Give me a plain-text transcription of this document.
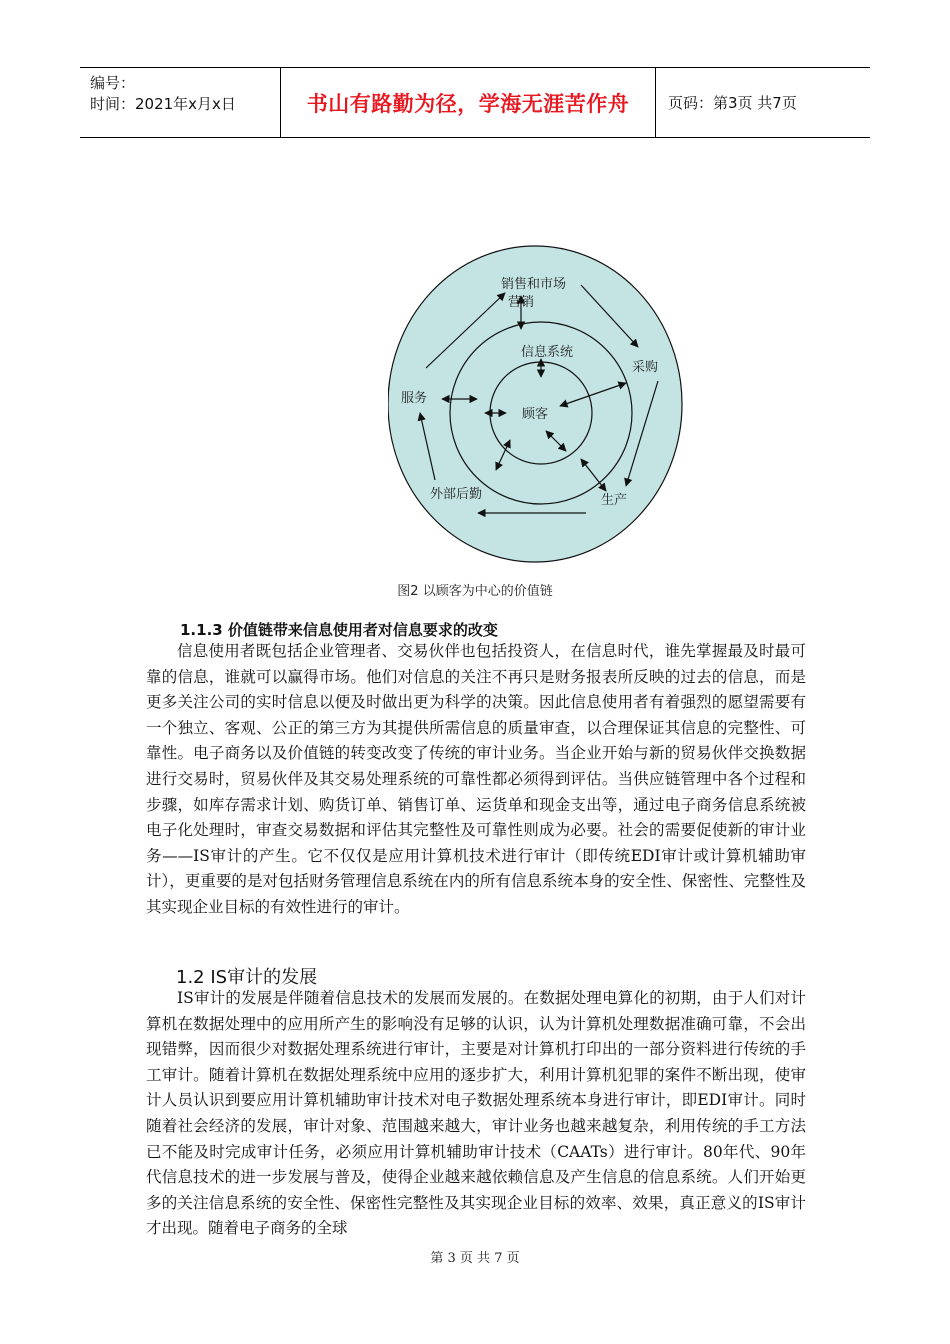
编号：
时间：2021年x月x日	书山有路勤为径，学海无涯苦作舟	页码：第3页 共7页
销售和市场
营销
信息系统
采购
服务
顾客
外部后勤	生产
图2 以顾客为中心的价值链
1.1.3 价值链带来信息使用者对信息要求的改变

信息使用者既包括企业管理者、交易伙伴也包括投资人，在信息时代，谁先掌握最及时最可靠的信息，谁就可以赢得市场。他们对信息的关注不再只是财务报表所反映的过去的信息，而是更多关注公司的实时信息以便及时做出更为科学的决策。因此信息使用者有着强烈的愿望需要有一个独立、客观、公正的第三方为其提供所需信息的质量审查，以合理保证其信息的完整性、可靠性。电子商务以及价值链的转变改变了传统的审计业务。当企业开始与新的贸易伙伴交换数据进行交易时，贸易伙伴及其交易处理系统的可靠性都必须得到评估。当供应链管理中各个过程和步骤，如库存需求计划、购货订单、销售订单、运货单和现金支出等，通过电子商务信息系统被电子化处理时，审查交易数据和评估其完整性及可靠性则成为必要。社会的需要促使新的审计业务——IS审计的产生。它不仅仅是应用计算机技术进行审计（即传统EDI审计或计算机辅助审计），更重要的是对包括财务管理信息系统在内的所有信息系统本身的安全性、保密性、完整性及其实现企业目标的有效性进行的审计。

1.2 IS审计的发展

IS审计的发展是伴随着信息技术的发展而发展的。在数据处理电算化的初期，由于人们对计算机在数据处理中的应用所产生的影响没有足够的认识，认为计算机处理数据准确可靠，不会出现错弊，因而很少对数据处理系统进行审计，主要是对计算机打印出的一部分资料进行传统的手工审计。随着计算机在数据处理系统中应用的逐步扩大，利用计算机犯罪的案件不断出现，使审计人员认识到要应用计算机辅助审计技术对电子数据处理系统本身进行审计，即EDI审计。同时随着社会经济的发展，审计对象、范围越来越大，审计业务也越来越复杂，利用传统的手工方法已不能及时完成审计任务，必须应用计算机辅助审计技术（CAATs）进行审计。80年代、90年代信息技术的进一步发展与普及，使得企业越来越依赖信息及产生信息的信息系统。人们开始更多的关注信息系统的安全性、保密性完整性及其实现企业目标的效率、效果，真正意义的IS审计才出现。随着电子商务的全球

第 3 页 共 7 页
